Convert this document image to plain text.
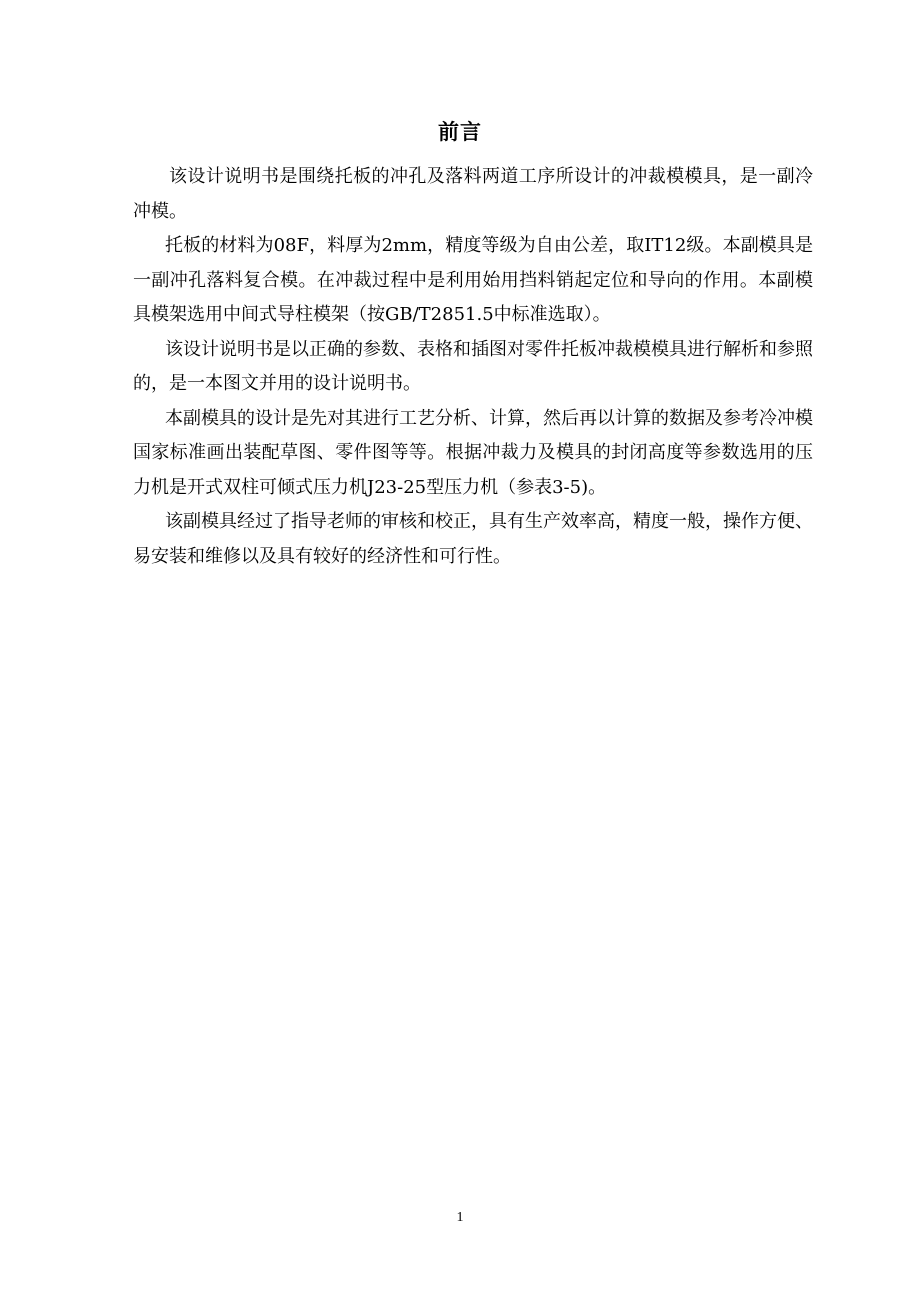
前言

该设计说明书是围绕托板的冲孔及落料两道工序所设计的冲裁模模具，是一副冷冲模。

托板的材料为08F，料厚为2mm，精度等级为自由公差，取IT12级。本副模具是一副冲孔落料复合模。在冲裁过程中是利用始用挡料销起定位和导向的作用。本副模具模架选用中间式导柱模架（按GB/T2851.5中标准选取）。

该设计说明书是以正确的参数、表格和插图对零件托板冲裁模模具进行解析和参照的，是一本图文并用的设计说明书。

本副模具的设计是先对其进行工艺分析、计算，然后再以计算的数据及参考冷冲模国家标准画出装配草图、零件图等等。根据冲裁力及模具的封闭高度等参数选用的压力机是开式双柱可倾式压力机J23-25型压力机（参表3-5)。

该副模具经过了指导老师的审核和校正，具有生产效率高，精度一般，操作方便、易安装和维修以及具有较好的经济性和可行性。

1
